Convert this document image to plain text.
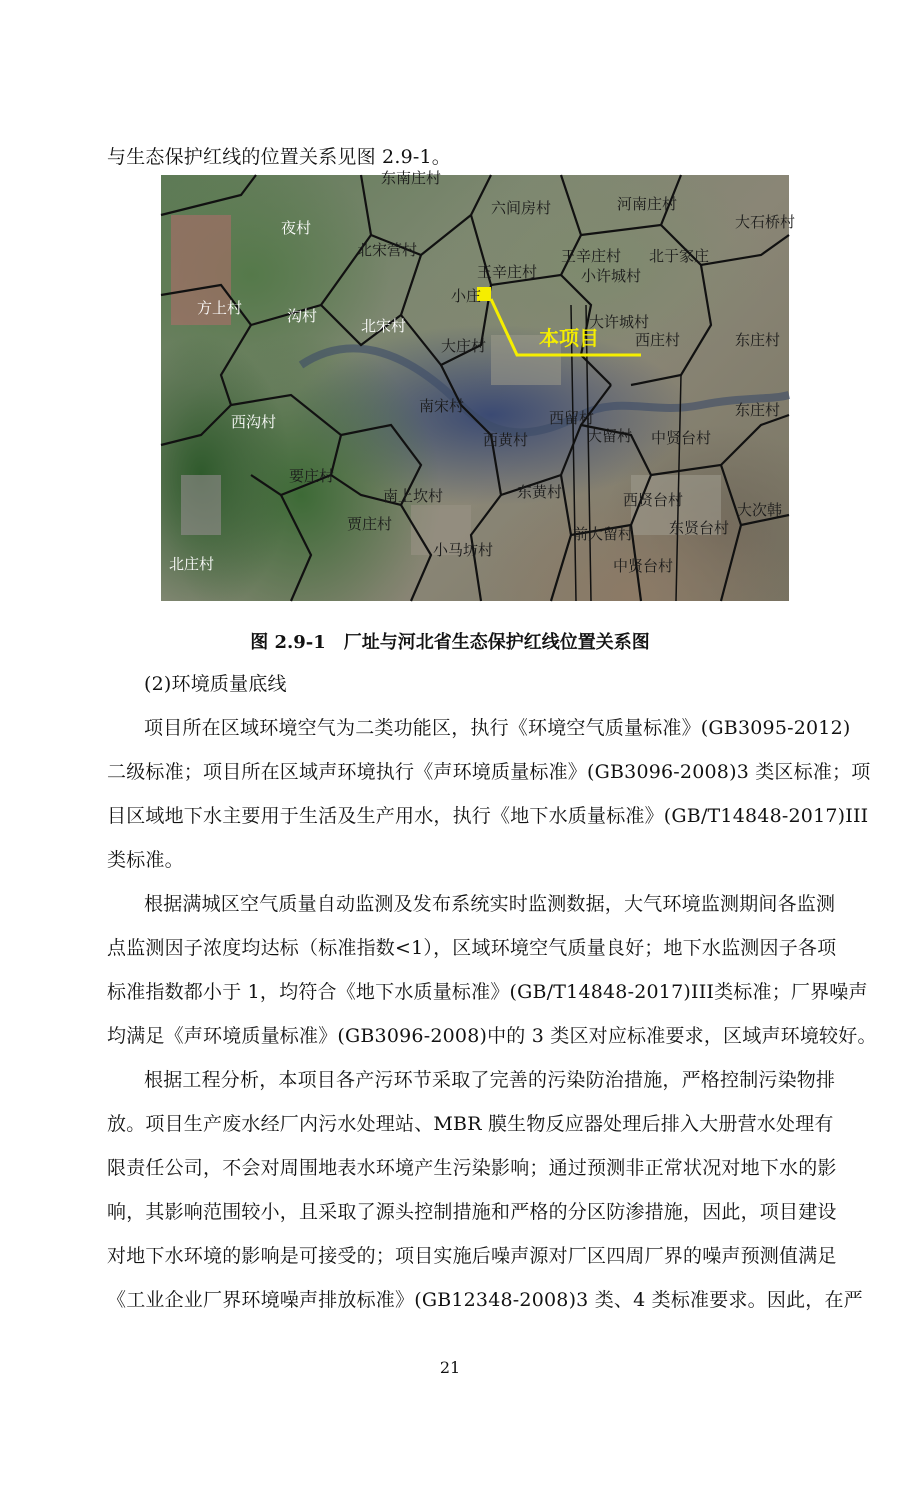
与生态保护红线的位置关系见图 2.9-1。
本项目
东南庄村
六间房村	河南庄村
大石桥村
夜村
北宋营村	王辛庄村 北于家庄
王辛庄村	小许城村
方上村	沟村
小庄
北宋村	大许城村
大庄村	西庄村	东庄村
南宋村
西留村	东庄村
西黄村	大留村 中贤台村
西沟村
要庄村
南上坎村	东黄村	西贤台村
东贤台村
大次韩
贾庄村
前大留村
小马坊村
中贤台村
北庄村
图 2.9-1　厂址与河北省生态保护红线位置关系图
(2)环境质量底线
项目所在区域环境空气为二类功能区，执行《环境空气质量标准》(GB3095-2012)
二级标准；项目所在区域声环境执行《声环境质量标准》(GB3096-2008)3 类区标准；项
目区域地下水主要用于生活及生产用水，执行《地下水质量标准》(GB/T14848-2017)III
类标准。
根据满城区空气质量自动监测及发布系统实时监测数据，大气环境监测期间各监测
点监测因子浓度均达标（标准指数<1），区域环境空气质量良好；地下水监测因子各项
标准指数都小于 1，均符合《地下水质量标准》(GB/T14848-2017)III类标准；厂界噪声
均满足《声环境质量标准》(GB3096-2008)中的 3 类区对应标准要求，区域声环境较好。
根据工程分析，本项目各产污环节采取了完善的污染防治措施，严格控制污染物排
放。项目生产废水经厂内污水处理站、MBR 膜生物反应器处理后排入大册营水处理有
限责任公司，不会对周围地表水环境产生污染影响；通过预测非正常状况对地下水的影
响，其影响范围较小，且采取了源头控制措施和严格的分区防渗措施，因此，项目建设
对地下水环境的影响是可接受的；项目实施后噪声源对厂区四周厂界的噪声预测值满足
《工业企业厂界环境噪声排放标准》(GB12348-2008)3 类、4 类标准要求。因此，在严
21
